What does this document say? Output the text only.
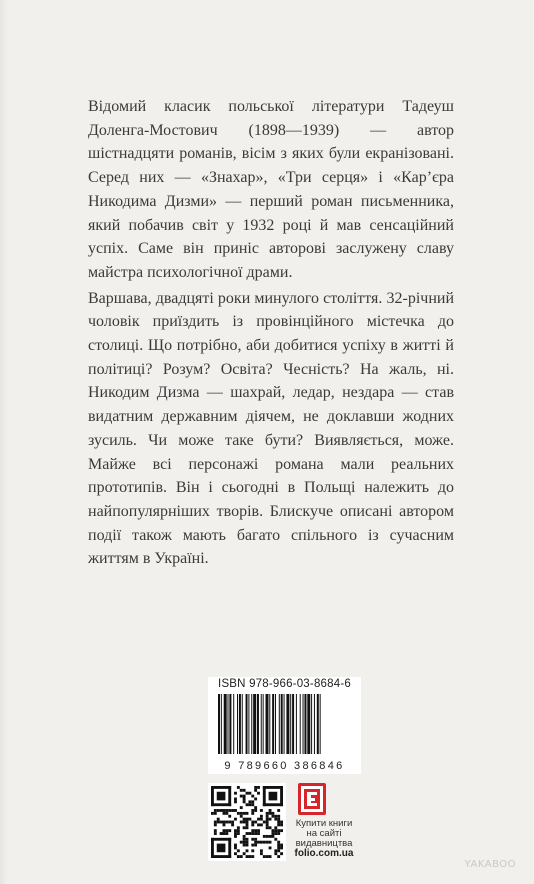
Відомий класик польської літератури Тадеуш Доленга-Мостович (1898—1939) — автор шістнадцяти романів, вісім з яких були екранізовані. Серед них — «Знахар», «Три серця» і «Кар’єра Никодима Дизми» — перший роман письменника, який побачив світ у 1932 році й мав сенсаційний успіх. Саме він приніс авторові заслужену славу майстра психологічної драми.

Варшава, двадцяті роки минулого століття. 32-річний чоловік приїздить із провінційного містечка до столиці. Що потрібно, аби добитися успіху в житті й політиці? Розум? Освіта? Чесність? На жаль, ні. Никодим Дизма — шахрай, ледар, нездара — став видатним державним діячем, не доклавши жодних зусиль. Чи може таке бути? Виявляється, може. Майже всі персонажі романа мали реальних прототипів. Він і сьогодні в Польщі належить до найпопулярніших творів. Блискуче описані автором події також мають багато спільного із сучасним життям в Україні.

ISBN 978-966-03-8684-6
9 789660 386846
Купити книги
на сайті
видавництва
folio.com.ua
YAKABOO
